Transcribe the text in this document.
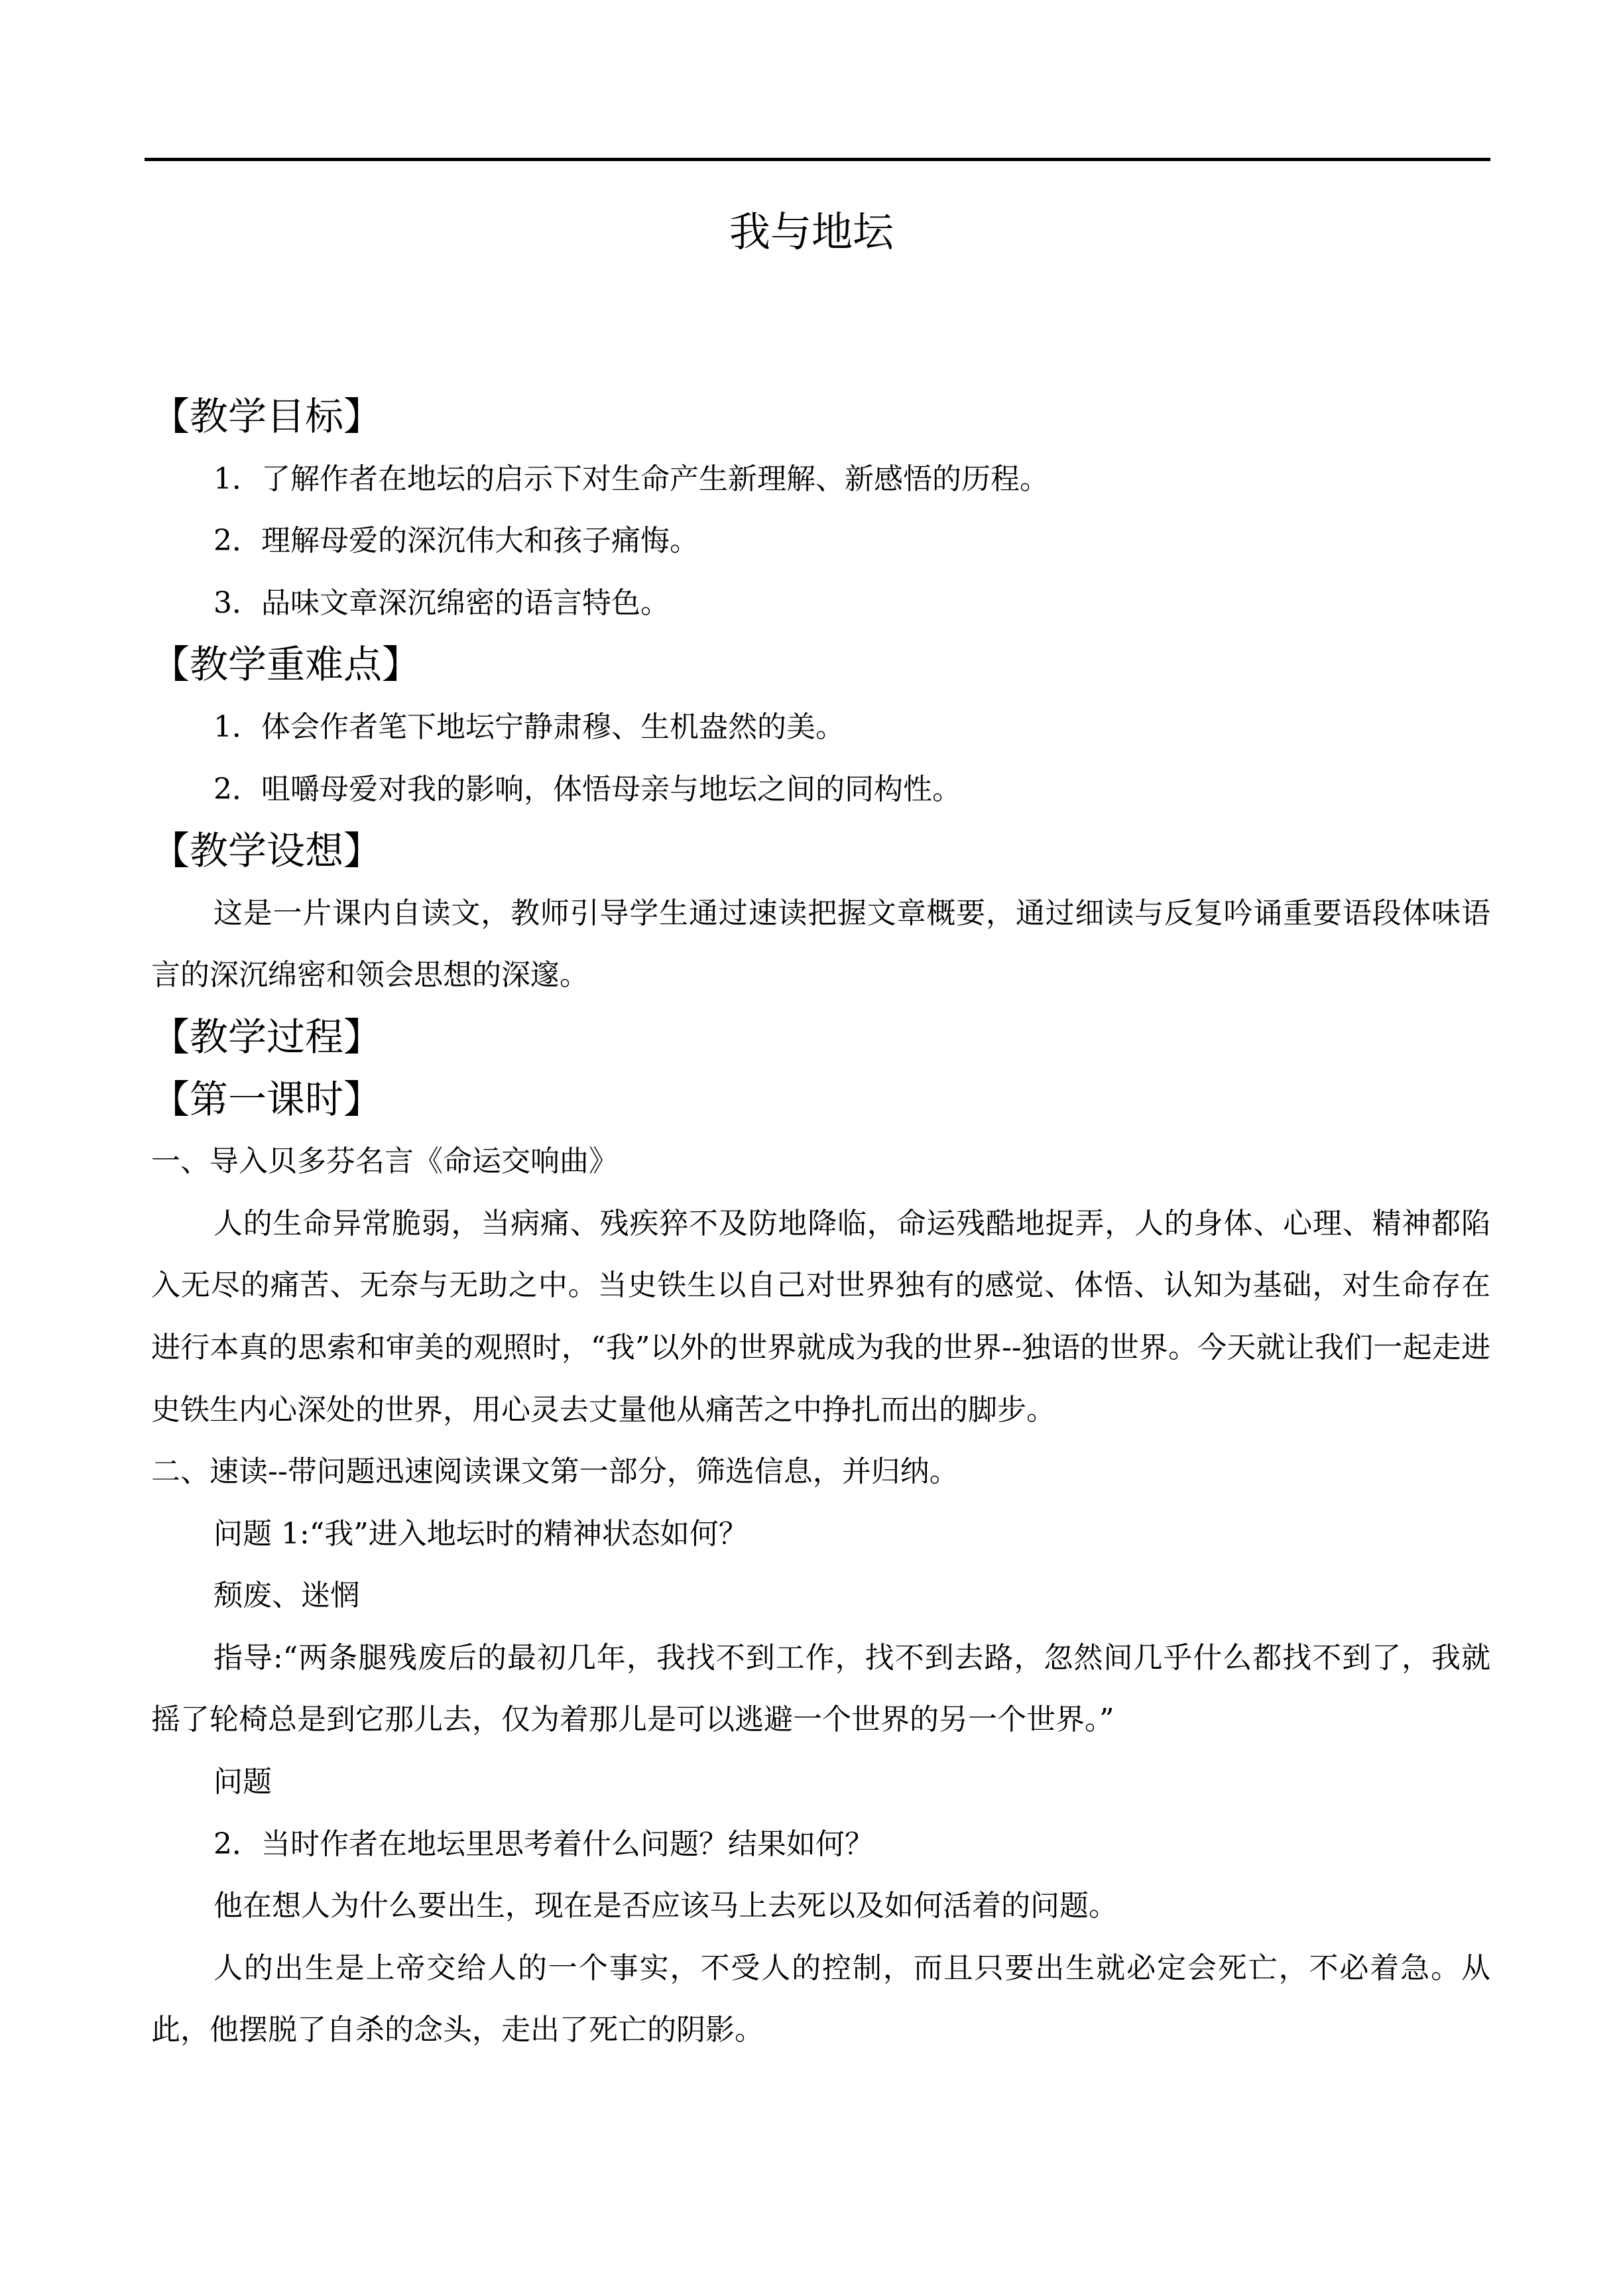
我与地坛
【教学目标】
1．了解作者在地坛的启示下对生命产生新理解、新感悟的历程。
2．理解母爱的深沉伟大和孩子痛悔。
3．品味文章深沉绵密的语言特色。
【教学重难点】
1．体会作者笔下地坛宁静肃穆、生机盎然的美。
2．咀嚼母爱对我的影响，体悟母亲与地坛之间的同构性。
【教学设想】
这是一片课内自读文，教师引导学生通过速读把握文章概要，通过细读与反复吟诵重要语段体味语言的深沉绵密和领会思想的深邃。
【教学过程】
【第一课时】
一、导入贝多芬名言《命运交响曲》
人的生命异常脆弱，当病痛、残疾猝不及防地降临，命运残酷地捉弄，人的身体、心理、精神都陷入无尽的痛苦、无奈与无助之中。当史铁生以自己对世界独有的感觉、体悟、认知为基础，对生命存在进行本真的思索和审美的观照时，“我”以外的世界就成为我的世界--独语的世界。今天就让我们一起走进史铁生内心深处的世界，用心灵去丈量他从痛苦之中挣扎而出的脚步。
二、速读--带问题迅速阅读课文第一部分，筛选信息，并归纳。
问题 1:“我”进入地坛时的精神状态如何？
颓废、迷惘
指导:“两条腿残废后的最初几年，我找不到工作，找不到去路，忽然间几乎什么都找不到了，我就摇了轮椅总是到它那儿去，仅为着那儿是可以逃避一个世界的另一个世界。”
问题
2．当时作者在地坛里思考着什么问题？结果如何？
他在想人为什么要出生，现在是否应该马上去死以及如何活着的问题。
人的出生是上帝交给人的一个事实，不受人的控制，而且只要出生就必定会死亡，不必着急。从此，他摆脱了自杀的念头，走出了死亡的阴影。
